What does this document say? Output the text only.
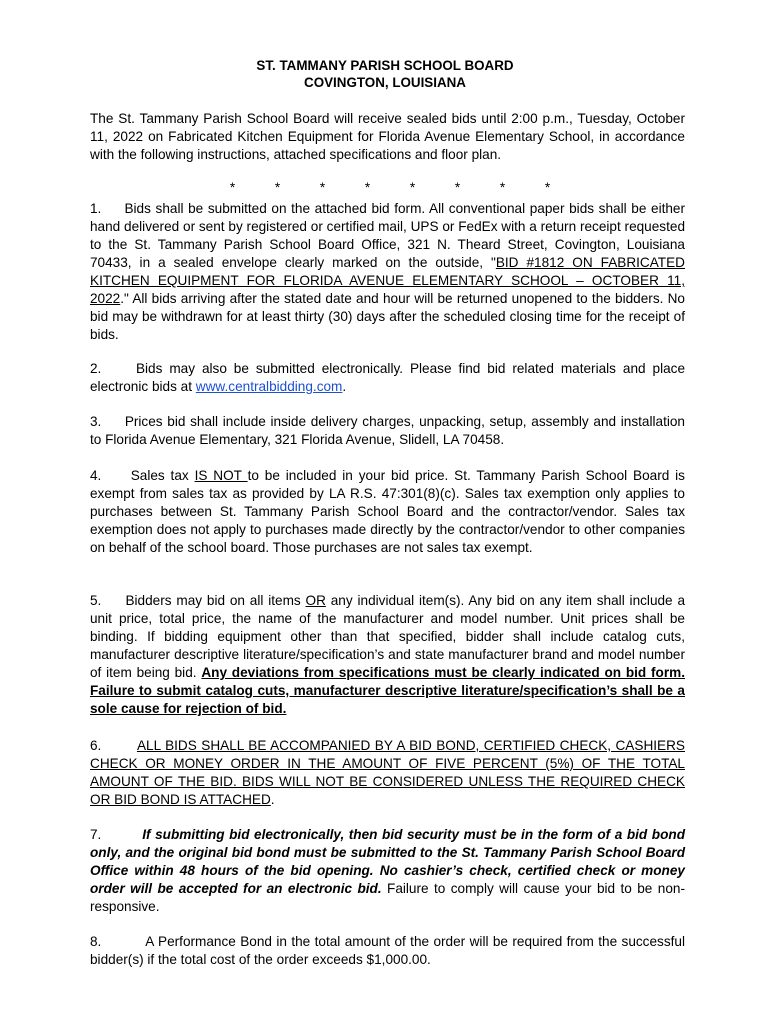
ST. TAMMANY PARISH SCHOOL BOARD
COVINGTON, LOUISIANA
The St. Tammany Parish School Board will receive sealed bids until 2:00 p.m., Tuesday, October 11, 2022 on Fabricated Kitchen Equipment for Florida Avenue Elementary School, in accordance with the following instructions, attached specifications and floor plan.
*	*	*	*	*	*	*	*
1. Bids shall be submitted on the attached bid form. All conventional paper bids shall be either hand delivered or sent by registered or certified mail, UPS or FedEx with a return receipt requested to the St. Tammany Parish School Board Office, 321 N. Theard Street, Covington, Louisiana 70433, in a sealed envelope clearly marked on the outside, "BID #1812 ON FABRICATED KITCHEN EQUIPMENT FOR FLORIDA AVENUE ELEMENTARY SCHOOL – OCTOBER 11, 2022." All bids arriving after the stated date and hour will be returned unopened to the bidders. No bid may be withdrawn for at least thirty (30) days after the scheduled closing time for the receipt of bids.
2.	Bids may also be submitted electronically. Please find bid related materials and place electronic bids at www.centralbidding.com.
3. Prices bid shall include inside delivery charges, unpacking, setup, assembly and installation to Florida Avenue Elementary, 321 Florida Avenue, Slidell, LA 70458.
4. Sales tax IS NOT to be included in your bid price. St. Tammany Parish School Board is exempt from sales tax as provided by LA R.S. 47:301(8)(c). Sales tax exemption only applies to purchases between St. Tammany Parish School Board and the contractor/vendor. Sales tax exemption does not apply to purchases made directly by the contractor/vendor to other companies on behalf of the school board. Those purchases are not sales tax exempt.
5. Bidders may bid on all items OR any individual item(s). Any bid on any item shall include a unit price, total price, the name of the manufacturer and model number. Unit prices shall be binding. If bidding equipment other than that specified, bidder shall include catalog cuts, manufacturer descriptive literature/specification’s and state manufacturer brand and model number of item being bid. Any deviations from specifications must be clearly indicated on bid form. Failure to submit catalog cuts, manufacturer descriptive literature/specification’s shall be a sole cause for rejection of bid.
6.	ALL BIDS SHALL BE ACCOMPANIED BY A BID BOND, CERTIFIED CHECK, CASHIERS CHECK OR MONEY ORDER IN THE AMOUNT OF FIVE PERCENT (5%) OF THE TOTAL AMOUNT OF THE BID. BIDS WILL NOT BE CONSIDERED UNLESS THE REQUIRED CHECK OR BID BOND IS ATTACHED.
7.	If submitting bid electronically, then bid security must be in the form of a bid bond only, and the original bid bond must be submitted to the St. Tammany Parish School Board Office within 48 hours of the bid opening. No cashier’s check, certified check or money order will be accepted for an electronic bid. Failure to comply will cause your bid to be non-responsive.
8.	A Performance Bond in the total amount of the order will be required from the successful bidder(s) if the total cost of the order exceeds $1,000.00.
